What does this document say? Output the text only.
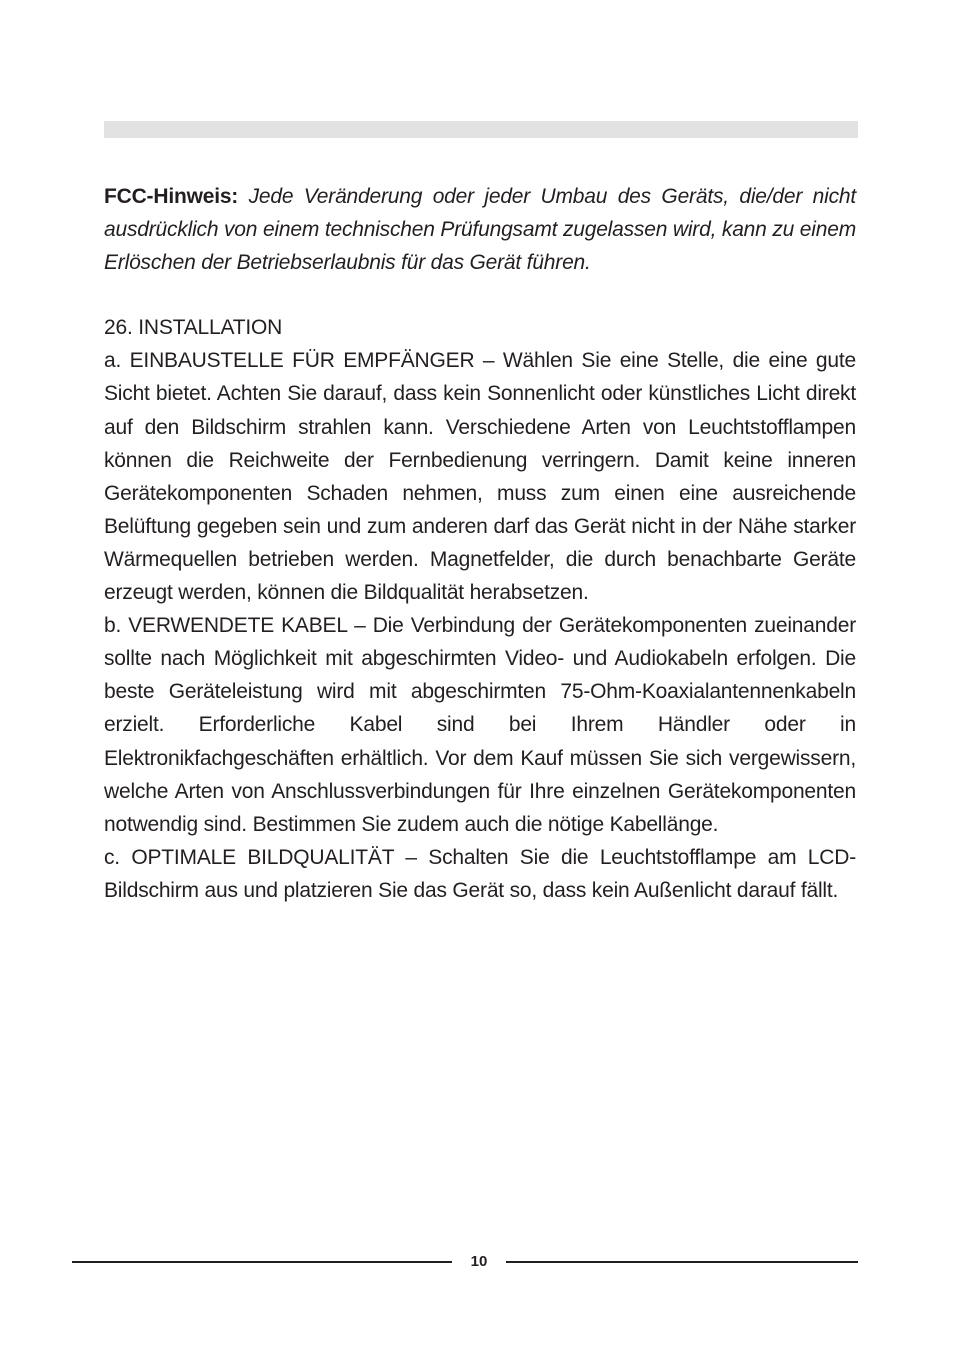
FCC-Hinweis: Jede Veränderung oder jeder Umbau des Geräts, die/der nicht ausdrücklich von einem technischen Prüfungsamt zugelassen wird, kann zu einem Erlöschen der Betriebserlaubnis für das Gerät führen.

26. INSTALLATION

a. EINBAUSTELLE FÜR EMPFÄNGER – Wählen Sie eine Stelle, die eine gute Sicht bietet. Achten Sie darauf, dass kein Sonnenlicht oder künstliches Licht direkt auf den Bildschirm strahlen kann. Verschiedene Arten von Leuchtstofflampen können die Reichweite der Fernbedienung verringern. Damit keine inneren Gerätekomponenten Schaden nehmen, muss zum einen eine ausreichende Belüftung gegeben sein und zum anderen darf das Gerät nicht in der Nähe starker Wärmequellen betrieben werden. Magnetfelder, die durch benachbarte Geräte erzeugt werden, können die Bildqualität herabsetzen.

b. VERWENDETE KABEL – Die Verbindung der Gerätekomponenten zueinander sollte nach Möglichkeit mit abgeschirmten Video- und Audiokabeln erfolgen. Die beste Geräteleistung wird mit abgeschirmten 75-Ohm-Koaxialantennenkabeln erzielt. Erforderliche Kabel sind bei Ihrem Händler oder in Elektronikfachgeschäften erhältlich. Vor dem Kauf müssen Sie sich vergewissern, welche Arten von Anschlussverbindungen für Ihre einzelnen Gerätekomponenten notwendig sind. Bestimmen Sie zudem auch die nötige Kabellänge.

c. OPTIMALE BILDQUALITÄT – Schalten Sie die Leuchtstofflampe am LCD-Bildschirm aus und platzieren Sie das Gerät so, dass kein Außenlicht darauf fällt.

10
